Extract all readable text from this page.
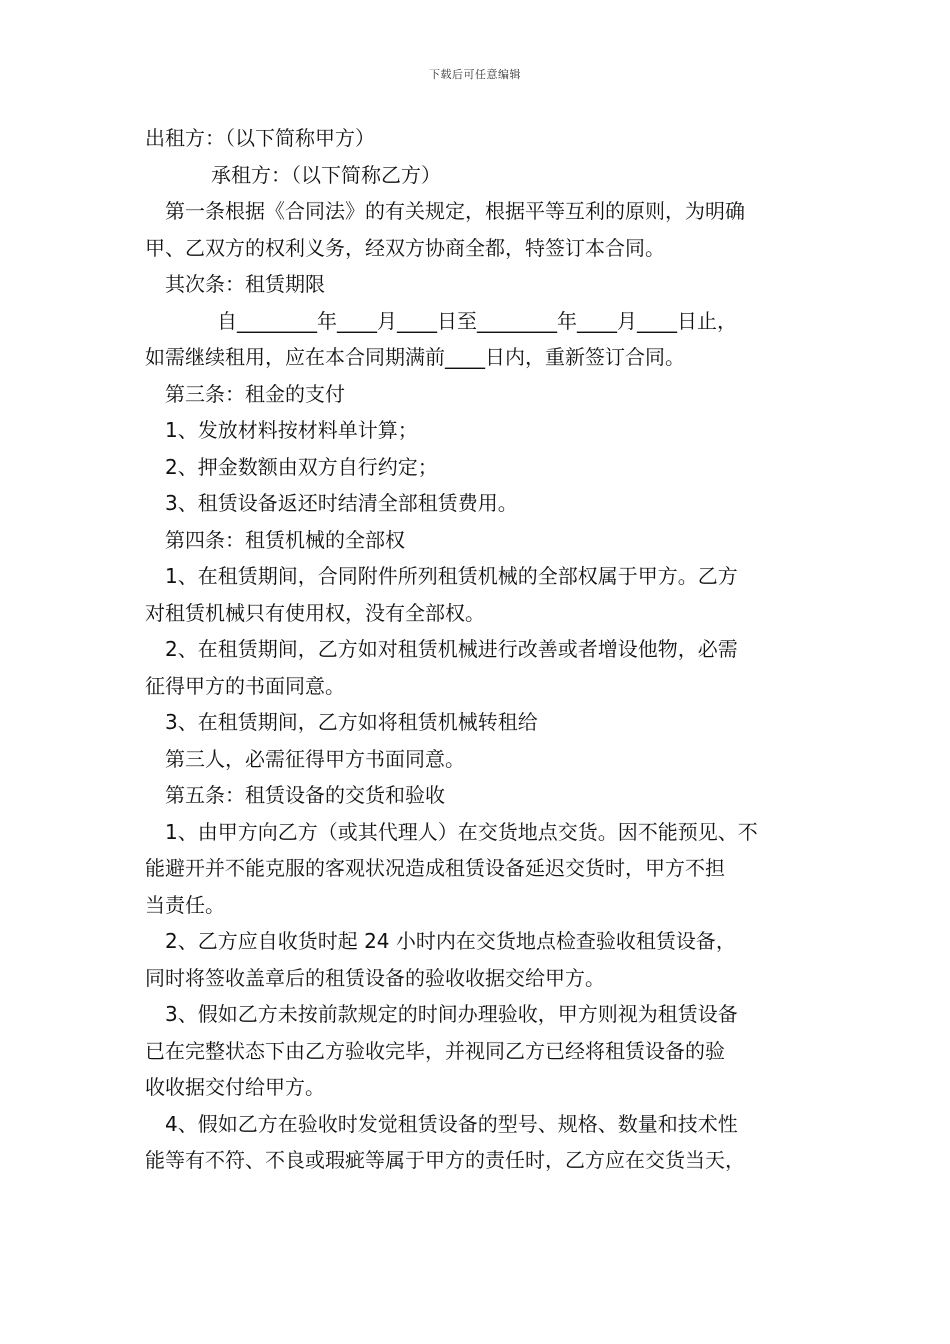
下载后可任意编辑

出租方：（以下简称甲方）

承租方：（以下简称乙方）

第一条根据《合同法》的有关规定，根据平等互利的原则，为明确

甲、乙双方的权利义务，经双方协商全都，特签订本合同。

其次条：租赁期限

自________年____月____日至________年____月____日止，

如需继续租用，应在本合同期满前____日内，重新签订合同。

第三条：租金的支付

1、发放材料按材料单计算；

2、押金数额由双方自行约定；

3、租赁设备返还时结清全部租赁费用。

第四条：租赁机械的全部权

1、在租赁期间，合同附件所列租赁机械的全部权属于甲方。乙方

对租赁机械只有使用权，没有全部权。

2、在租赁期间，乙方如对租赁机械进行改善或者增设他物，必需

征得甲方的书面同意。

3、在租赁期间，乙方如将租赁机械转租给

第三人，必需征得甲方书面同意。

第五条：租赁设备的交货和验收

1、由甲方向乙方（或其代理人）在交货地点交货。因不能预见、不

能避开并不能克服的客观状况造成租赁设备延迟交货时，甲方不担

当责任。

2、乙方应自收货时起 24 小时内在交货地点检查验收租赁设备，

同时将签收盖章后的租赁设备的验收收据交给甲方。

3、假如乙方未按前款规定的时间办理验收，甲方则视为租赁设备

已在完整状态下由乙方验收完毕，并视同乙方已经将租赁设备的验

收收据交付给甲方。

4、假如乙方在验收时发觉租赁设备的型号、规格、数量和技术性

能等有不符、不良或瑕疵等属于甲方的责任时，乙方应在交货当天，
